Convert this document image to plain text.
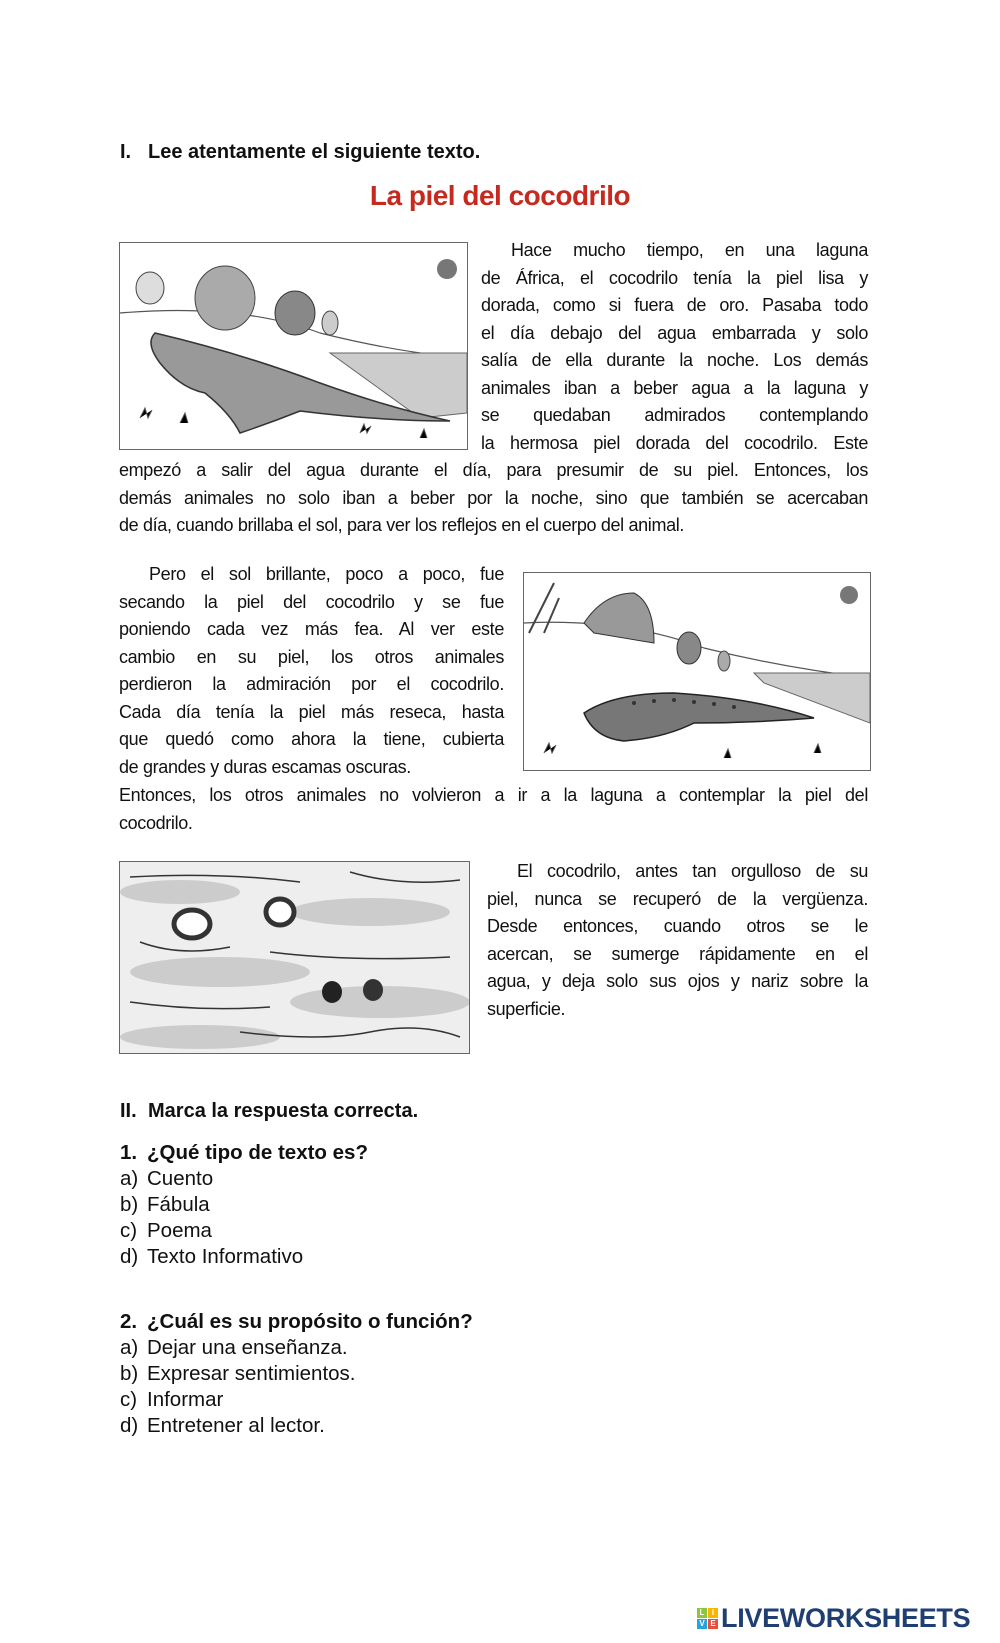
I. Lee atentamente el siguiente texto.
La piel del cocodrilo
Hace mucho tiempo, en una laguna
de África, el cocodrilo tenía la piel lisa y
dorada, como si fuera de oro. Pasaba todo
el día debajo del agua embarrada y solo
salía de ella durante la noche. Los demás
animales iban a beber agua a la laguna y
se quedaban admirados contemplando
la hermosa piel dorada del cocodrilo. Este
empezó a salir del agua durante el día, para presumir de su piel. Entonces, los
demás animales no solo iban a beber por la noche, sino que también se acercaban
de día, cuando brillaba el sol, para ver los reflejos en el cuerpo del animal.
Pero el sol brillante, poco a poco, fue
secando la piel del cocodrilo y se fue
poniendo cada vez más fea. Al ver este
cambio en su piel, los otros animales
perdieron la admiración por el cocodrilo.
Cada día tenía la piel más reseca, hasta
que quedó como ahora la tiene, cubierta
de grandes y duras escamas oscuras.
Entonces, los otros animales no volvieron a ir a la laguna a contemplar la piel del
cocodrilo.
El cocodrilo, antes tan orgulloso de su
piel, nunca se recuperó de la vergüenza.
Desde entonces, cuando otros se le
acercan, se sumerge rápidamente en el
agua, y deja solo sus ojos y nariz sobre la
superficie.
II. Marca la respuesta correcta.
1. ¿Qué tipo de texto es?
a) Cuento
b) Fábula
c) Poema
d) Texto Informativo
2. ¿Cuál es su propósito o función?
a) Dejar una enseñanza.
b) Expresar sentimientos.
c) Informar
d) Entretener al lector.
L I
V E LIVEWORKSHEETS
